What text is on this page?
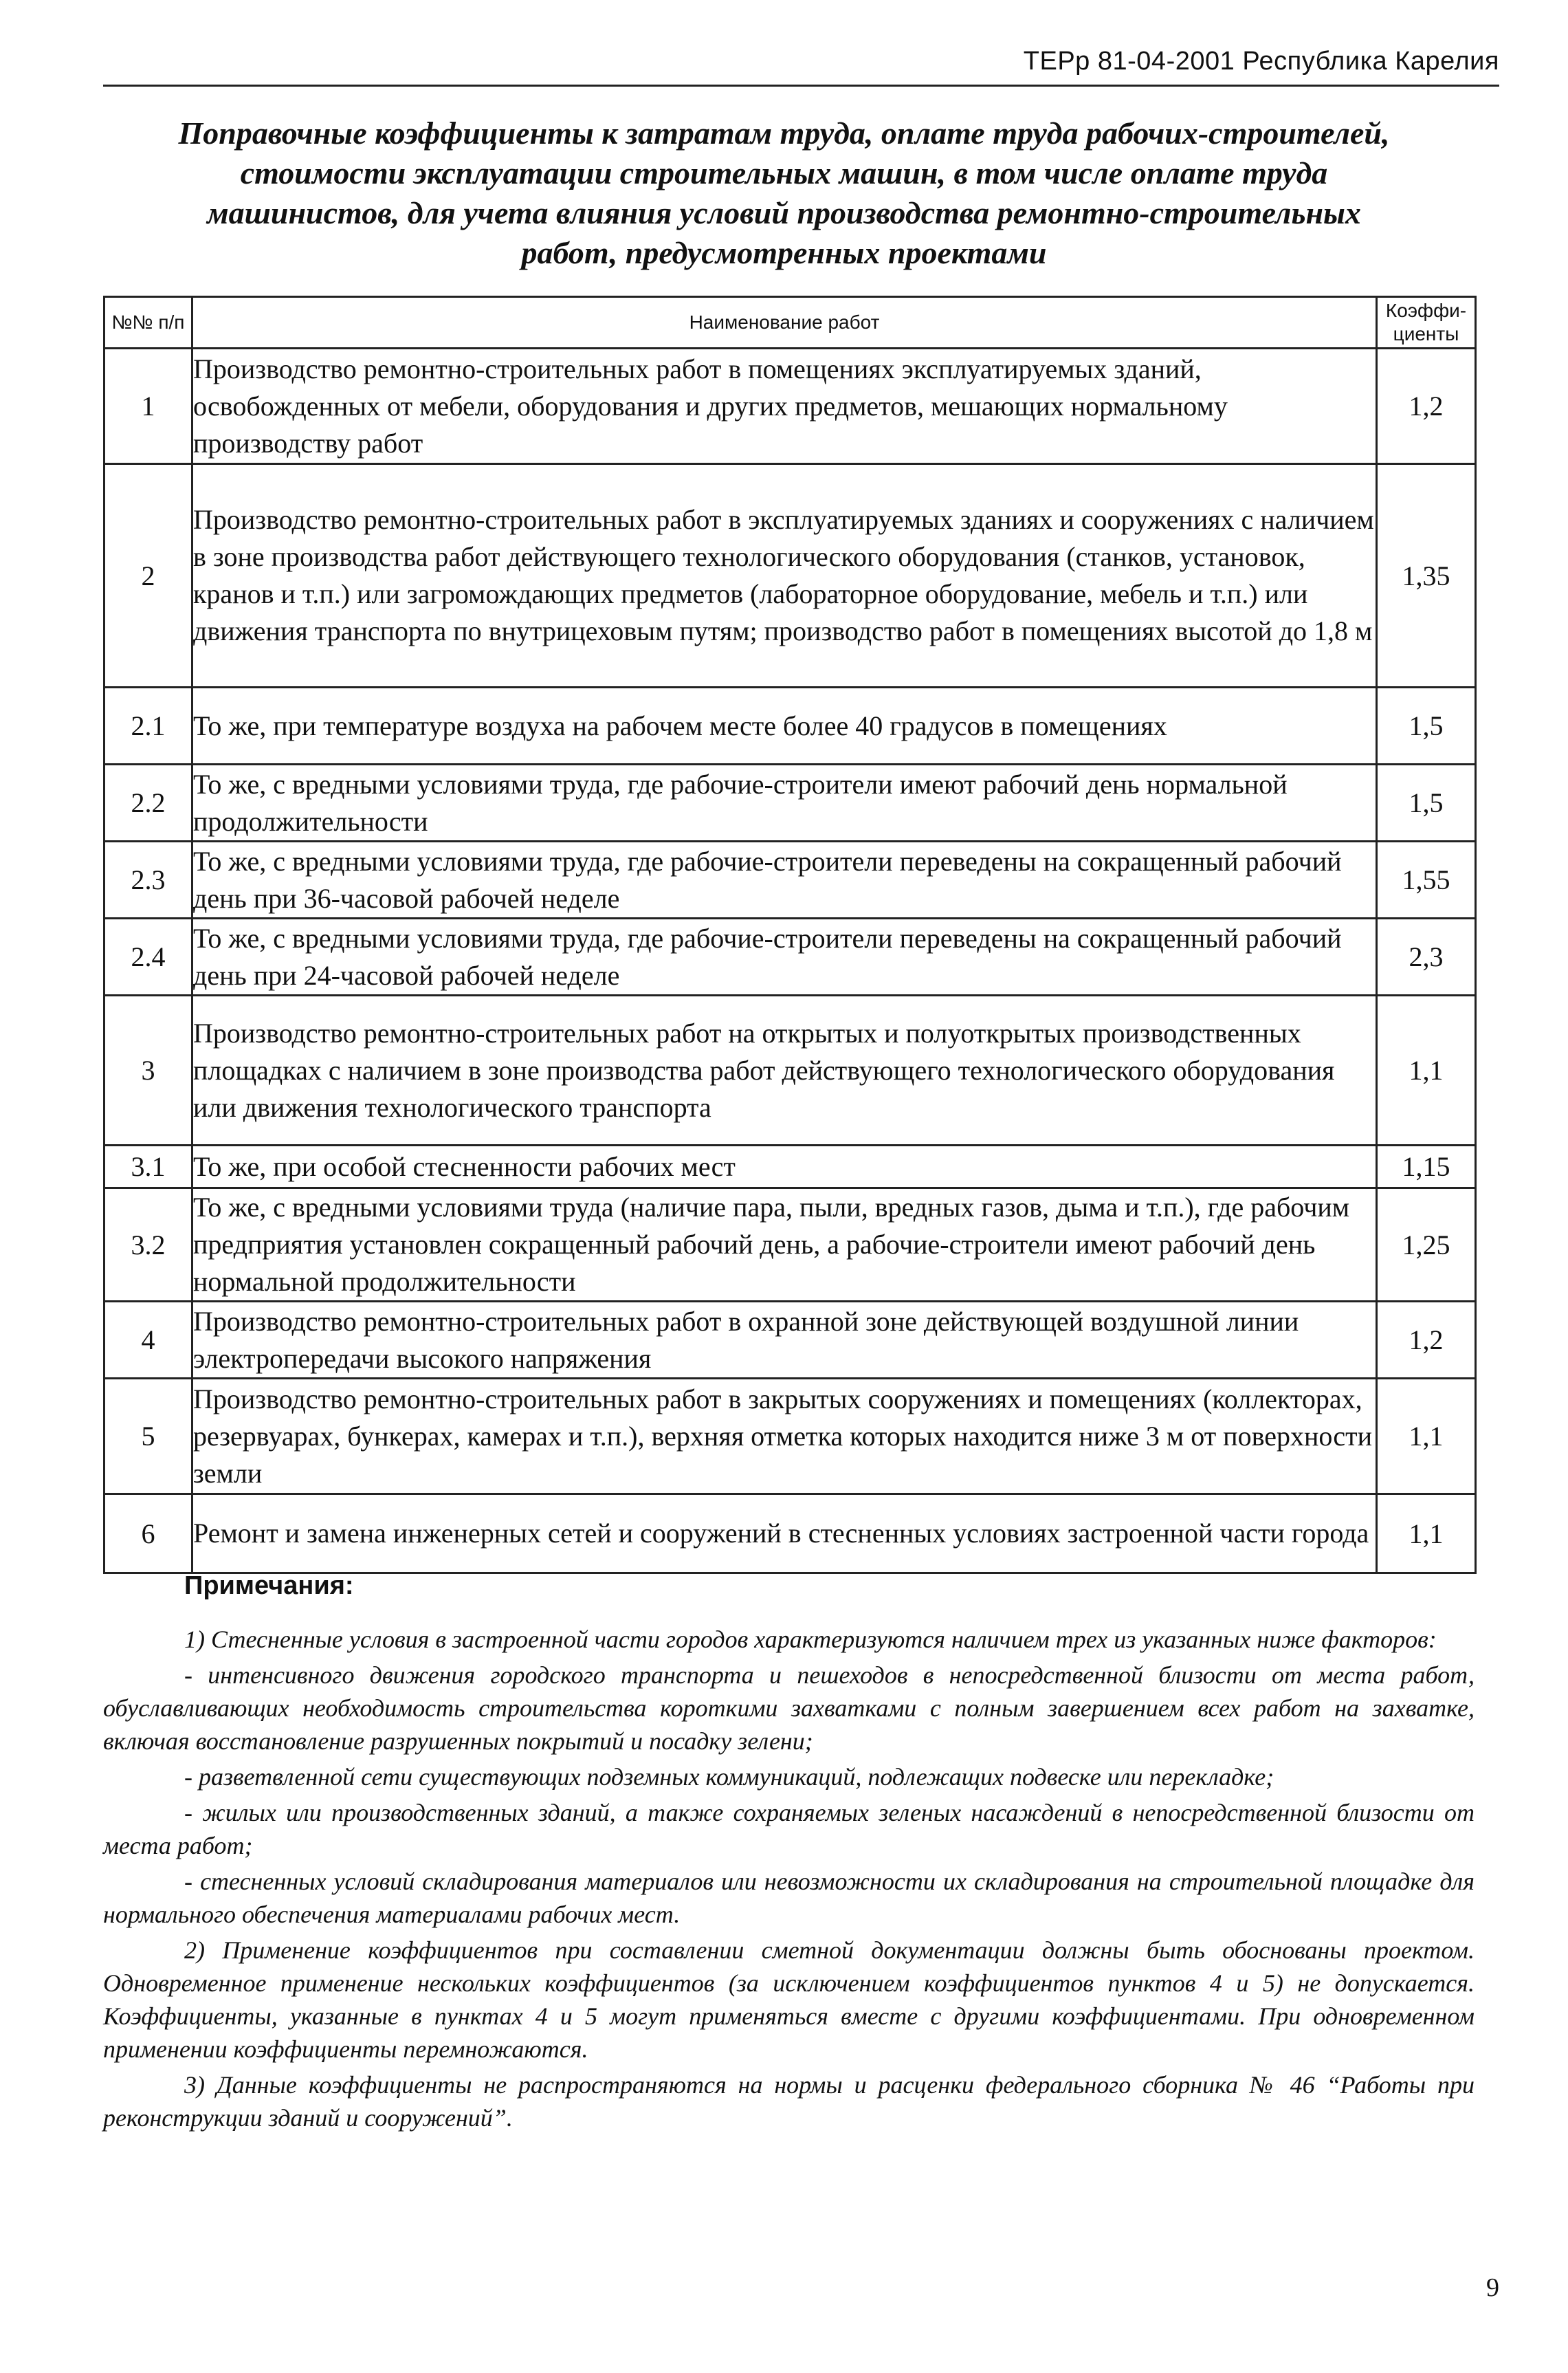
ТЕРр 81-04-2001 Республика Карелия
Поправочные коэффициенты к затратам труда, оплате труда рабочих-строителей, стоимости эксплуатации строительных машин, в том числе оплате труда машинистов, для учета влияния условий производства ремонтно-строительных работ, предусмотренных проектами
№№ п/п	Наименование работ	Коэффи- циенты
1	Производство ремонтно-строительных работ в помещениях эксплуатируемых зданий, освобожденных от мебели, оборудования и других предметов, мешающих нормальному производству работ	1,2
2	Производство ремонтно-строительных работ в эксплуатируемых зданиях и сооружениях с наличием в зоне производства работ действующего технологического оборудования (станков, установок, кранов и т.п.) или загромождающих предметов (лабораторное оборудование, мебель и т.п.) или движения транспорта по внутрицеховым путям; производство работ в помещениях высотой до 1,8 м	1,35
2.1	То же, при температуре воздуха на рабочем месте более 40 градусов в помещениях	1,5
2.2	То же, с вредными условиями труда, где рабочие-строители имеют рабочий день нормальной продолжительности	1,5
2.3	То же, с вредными условиями труда, где рабочие-строители переведены на сокращенный рабочий день при 36-часовой рабочей неделе	1,55
2.4	То же, с вредными условиями труда, где рабочие-строители переведены на сокращенный рабочий день при 24-часовой рабочей неделе	2,3
3	Производство ремонтно-строительных работ на открытых и полуоткрытых производственных площадках с наличием в зоне производства работ действующего технологического оборудования или движения технологического транспорта	1,1
3.1	То же, при особой стесненности рабочих мест	1,15
3.2	То же, с вредными условиями труда (наличие пара, пыли, вредных газов, дыма и т.п.), где рабочим предприятия установлен сокращенный рабочий день, а рабочие-строители имеют рабочий день нормальной продолжительности	1,25
4	Производство ремонтно-строительных работ в охранной зоне действующей воздушной линии электропередачи высокого напряжения	1,2
5	Производство ремонтно-строительных работ в закрытых сооружениях и помещениях (коллекторах, резервуарах, бункерах, камерах и т.п.), верхняя отметка которых находится ниже 3 м от поверхности земли	1,1
6	Ремонт и замена инженерных сетей и сооружений в стесненных условиях застроенной части города	1,1
Примечания:

1) Стесненные условия в застроенной части городов характеризуются наличием трех из указанных ниже факторов:

- интенсивного движения городского транспорта и пешеходов в непосредственной близости от места работ, обуславливающих необходимость строительства короткими захватками с полным завершением всех работ на захватке, включая восстановление разрушенных покрытий и посадку зелени;

- разветвленной сети существующих подземных коммуникаций, подлежащих подвеске или перекладке;

- жилых или производственных зданий, а также сохраняемых зеленых насаждений в непосредственной близости от места работ;

- стесненных условий складирования материалов или невозможности их складирования на строительной площадке для нормального обеспечения материалами рабочих мест.

2) Применение коэффициентов при составлении сметной документации должны быть обоснованы проектом. Одновременное применение нескольких коэффициентов (за исключением коэффициентов пунктов 4 и 5) не допускается. Коэффициенты, указанные в пунктах 4 и 5 могут применяться вместе с другими коэффициентами. При одновременном применении коэффициенты перемножаются.

3) Данные коэффициенты не распространяются на нормы и расценки федерального сборника № 46 “Работы при реконструкции зданий и сооружений”.

9
